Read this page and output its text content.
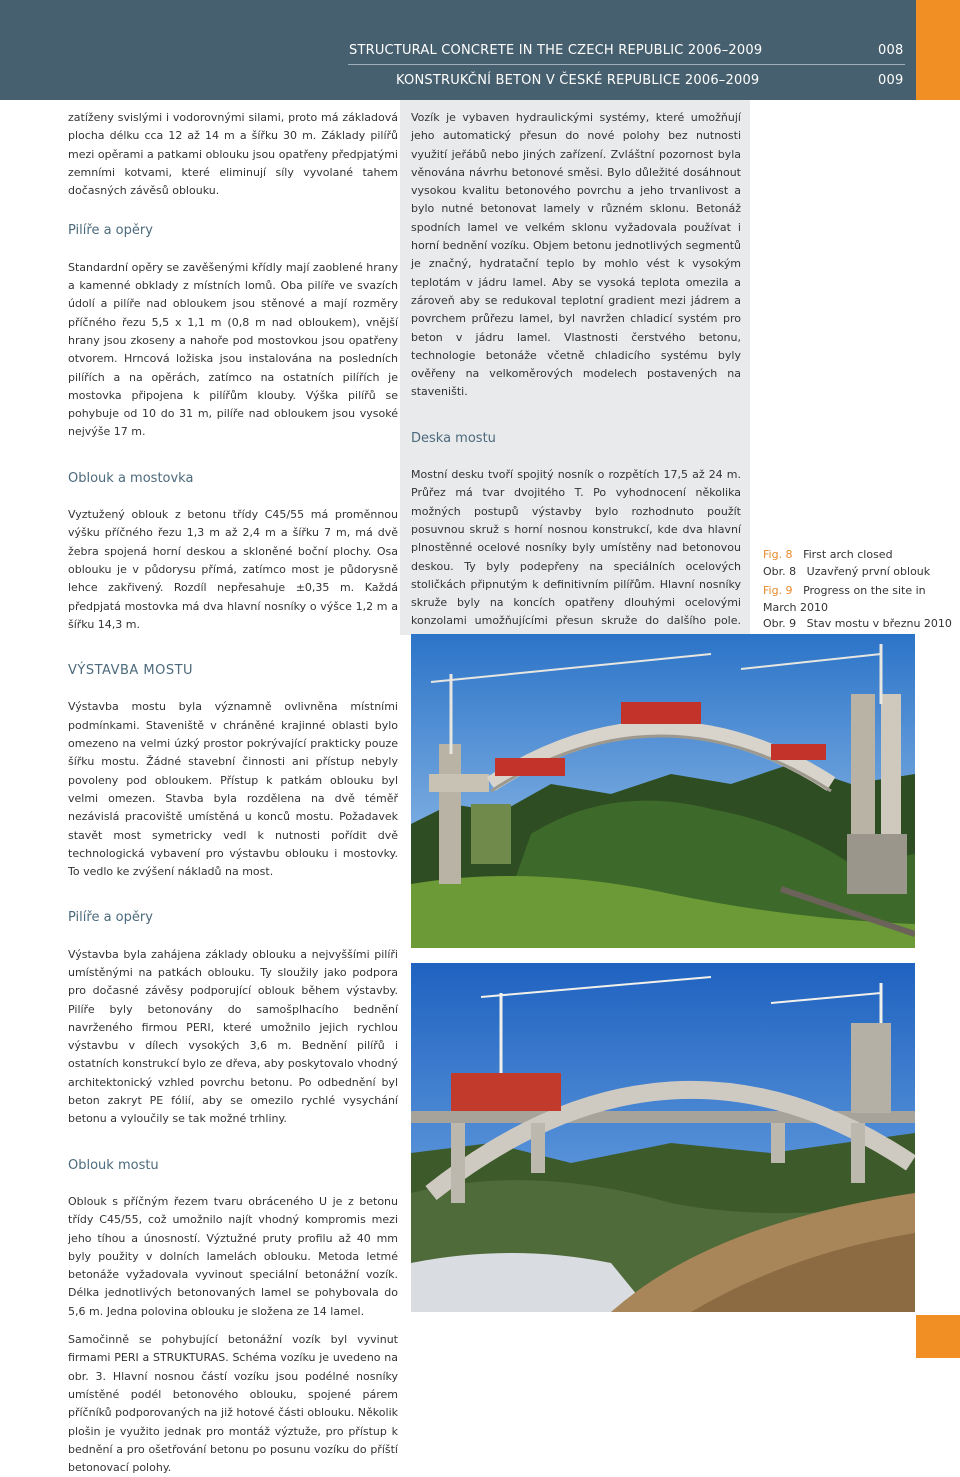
STRUCTURAL CONCRETE IN THE CZECH REPUBLIC 2006–2009	008
KONSTRUKČNÍ BETON V ČESKÉ REPUBLICE 2006–2009	009

zatíženy svislými i vodorovnými silami, proto má základová plocha délku cca 12 až 14 m a šířku 30 m. Základy pilířů mezi opěrami a patkami oblouku jsou opatřeny předpjatými zemními kotvami, které eliminují síly vyvolané tahem dočasných závěsů oblouku.

Pilíře a opěry

Standardní opěry se zavěšenými křídly mají zaoblené hrany a kamenné obklady z místních lomů. Oba pilíře ve svazích údolí a pilíře nad obloukem jsou stěnové a mají rozměry příčného řezu 5,5 x 1,1 m (0,8 m nad obloukem), vnější hrany jsou zkoseny a nahoře pod mostovkou jsou opatřeny otvorem. Hrncová ložiska jsou instalována na posledních pilířích a na opěrách, zatímco na ostatních pilířích je mostovka připojena k pilířům klouby. Výška pilířů se pohybuje od 10 do 31 m, pilíře nad obloukem jsou vysoké nejvýše 17 m.

Oblouk a mostovka

Vyztužený oblouk z betonu třídy C45/55 má proměnnou výšku příčného řezu 1,3 m až 2,4 m a šířku 7 m, má dvě žebra spojená horní deskou a skloněné boční plochy. Osa oblouku je v půdorysu přímá, zatímco most je půdorysně lehce zakřivený. Rozdíl nepřesahuje ±0,35 m. Každá předpjatá mostovka má dva hlavní nosníky o výšce 1,2 m a šířku 14,3 m.

VÝSTAVBA MOSTU

Výstavba mostu byla významně ovlivněna místními podmínkami. Staveniště v chráněné krajinné oblasti bylo omezeno na velmi úzký prostor pokrývající prakticky pouze šířku mostu. Žádné stavební činnosti ani přístup nebyly povoleny pod obloukem. Přístup k patkám oblouku byl velmi omezen. Stavba byla rozdělena na dvě téměř nezávislá pracoviště umístěná u konců mostu. Požadavek stavět most symetricky vedl k nutnosti pořídit dvě technologická vybavení pro výstavbu oblouku i mostovky. To vedlo ke zvýšení nákladů na most.

Pilíře a opěry

Výstavba byla zahájena základy oblouku a nejvyššími pilíři umístěnými na patkách oblouku. Ty sloužily jako podpora pro dočasné závěsy podporující oblouk během výstavby. Pilíře byly betonovány do samošplhacího bednění navrženého firmou PERI, které umožnilo jejich rychlou výstavbu v dílech vysokých 3,6 m. Bednění pilířů i ostatních konstrukcí bylo ze dřeva, aby poskytovalo vhodný architektonický vzhled povrchu betonu. Po odbednění byl beton zakryt PE fólií, aby se omezilo rychlé vysychání betonu a vyloučily se tak možné trhliny.

Oblouk mostu

Oblouk s příčným řezem tvaru obráceného U je z betonu třídy C45/55, což umožnilo najít vhodný kompromis mezi jeho tíhou a únosností. Výztužné pruty profilu až 40 mm byly použity v dolních lamelách oblouku. Metoda letmé betonáže vyžadovala vyvinout speciální betonážní vozík. Délka jednotlivých betonovaných lamel se pohybovala do 5,6 m. Jedna polovina oblouku je složena ze 14 lamel.

Samočinně se pohybující betonážní vozík byl vyvinut firmami PERI a STRUKTURAS. Schéma vozíku je uvedeno na obr. 3. Hlavní nosnou částí vozíku jsou podélné nosníky umístěné podél betonového oblouku, spojené párem příčníků podporovaných na již hotové části oblouku. Několik plošin je využito jednak pro montáž výztuže, pro přístup k bednění a pro ošetřování betonu po posunu vozíku do příští betonovací polohy.

Vozík je vybaven hydraulickými systémy, které umožňují jeho automatický přesun do nové polohy bez nutnosti využití jeřábů nebo jiných zařízení. Zvláštní pozornost byla věnována návrhu betonové směsi. Bylo důležité dosáhnout vysokou kvalitu betonového povrchu a jeho trvanlivost a bylo nutné betonovat lamely v různém sklonu. Betonáž spodních lamel ve velkém sklonu vyžadovala používat i horní bednění vozíku. Objem betonu jednotlivých segmentů je značný, hydratační teplo by mohlo vést k vysokým teplotám v jádru lamel. Aby se vysoká teplota omezila a zároveň aby se redukoval teplotní gradient mezi jádrem a povrchem průřezu lamel, byl navržen chladicí systém pro beton v jádru lamel. Vlastnosti čerstvého betonu, technologie betonáže včetně chladicího systému byly ověřeny na velkoměrových modelech postavených na staveništi.

Deska mostu

Mostní desku tvoří spojitý nosník o rozpětích 17,5 až 24 m. Průřez má tvar dvojitého T. Po vyhodnocení několika možných postupů výstavby bylo rozhodnuto použít posuvnou skruž s horní nosnou konstrukcí, kde dva hlavní plnostěnné ocelové nosníky byly umístěny nad betonovou deskou. Ty byly podepřeny na speciálních ocelových stoličkách připnutým k definitivním pilířům. Hlavní nosníky skruže byly na koncích opatřeny dlouhými ocelovými konzolami umožňujícími přesun skruže do dalšího pole.

Fig. 8 First arch closed
Obr. 8 Uzavřený první oblouk
Fig. 9 Progress on the site in March 2010
Obr. 9 Stav mostu v březnu 2010
